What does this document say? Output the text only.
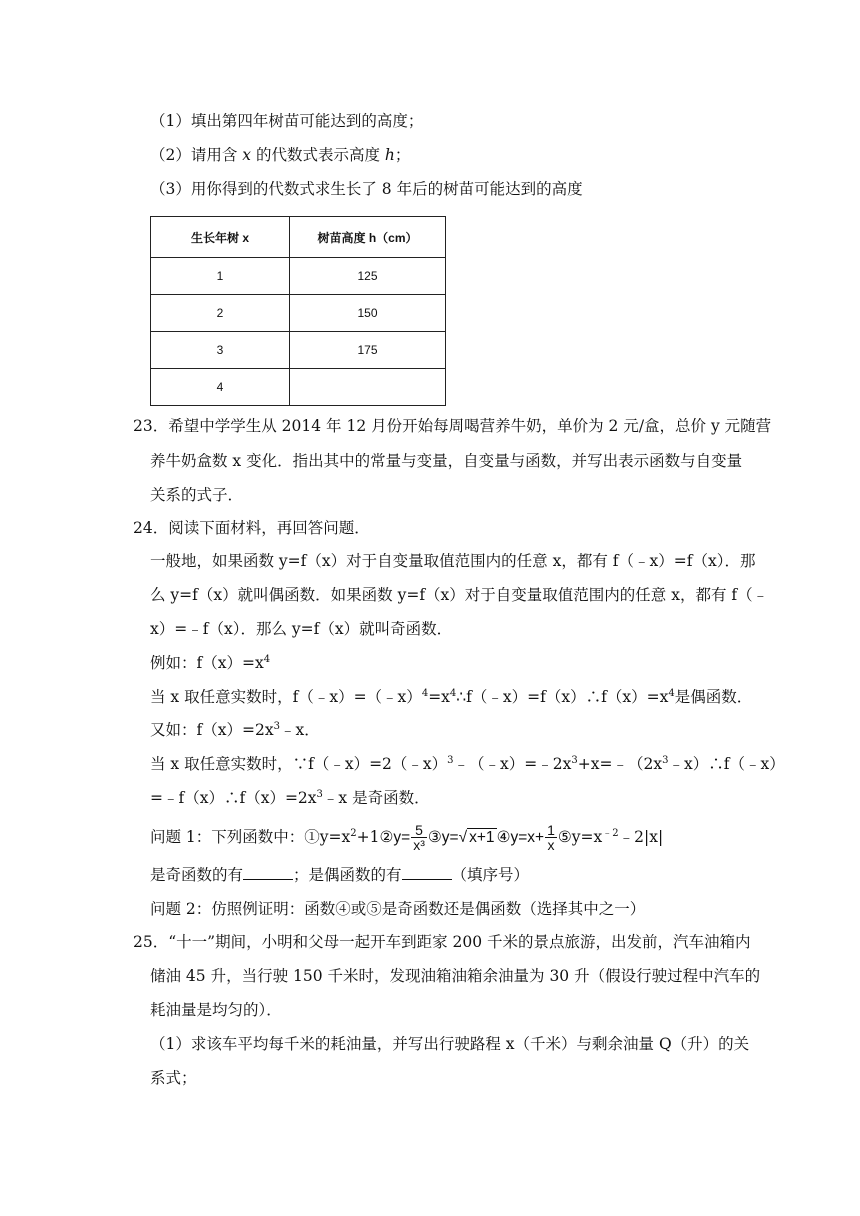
（1）填出第四年树苗可能达到的高度；
（2）请用含 x 的代数式表示高度 h；
（3）用你得到的代数式求生长了 8 年后的树苗可能达到的高度
生长年树 x	树苗高度 h（cm）
1	125
2	150
3	175
4	
23．希望中学学生从 2014 年 12 月份开始每周喝营养牛奶，单价为 2 元/盒，总价 y 元随营
养牛奶盒数 x 变化．指出其中的常量与变量，自变量与函数，并写出表示函数与自变量
关系的式子．
24．阅读下面材料，再回答问题．
一般地，如果函数 y=f（x）对于自变量取值范围内的任意 x，都有 f（﹣x）=f（x）．那
么 y=f（x）就叫偶函数．如果函数 y=f（x）对于自变量取值范围内的任意 x，都有 f（﹣
x）=﹣f（x）．那么 y=f（x）就叫奇函数．
例如：$f(x)=x^4$
当 x 取任意实数时，$f(﹣x)=(﹣x)^4=x^4\therefore f(﹣x)=f(x)\therefore f(x)=x^4$是偶函数．
又如：$f(x)=2x^3﹣x$．
当 x 取任意实数时，$\because f(﹣x)=2(﹣x)^3﹣(﹣x)=﹣2x^3+x=﹣(2x^3﹣x)\therefore f(﹣x)$
$=﹣f(x)\therefore f(x)=2x^3﹣x$ 是奇函数．
问题 1：下列函数中：$①y=x^2+1②y= \frac{5}{\text{x³}}$ ③y=√ x+1 ④y=x+ $\frac{1}{x}$ $⑤y=x^{﹣2}﹣2|x|$
是奇函数的有	；是偶函数的有	（填序号）
问题 2：仿照例证明：函数④或⑤是奇函数还是偶函数（选择其中之一）
25．“十一”期间，小明和父母一起开车到距家 200 千米的景点旅游，出发前，汽车油箱内
储油 45 升，当行驶 150 千米时，发现油箱油箱余油量为 30 升（假设行驶过程中汽车的
耗油量是均匀的）．
（1）求该车平均每千米的耗油量，并写出行驶路程 x（千米）与剩余油量 Q（升）的关
系式；
